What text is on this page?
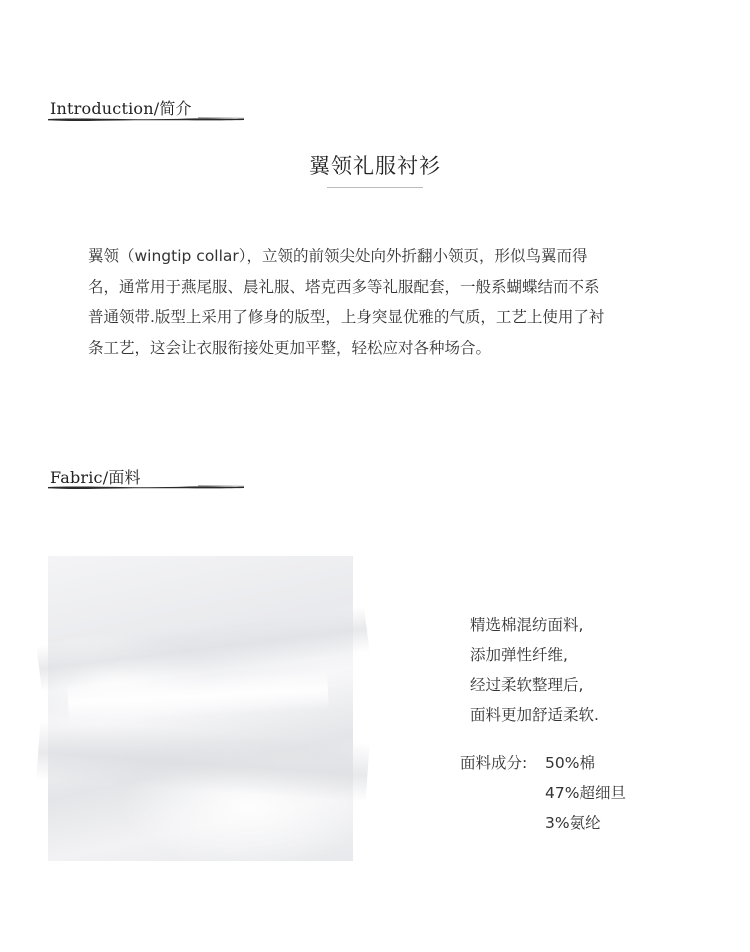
Introduction/简介
翼领礼服衬衫
翼领（wingtip collar），立领的前领尖处向外折翻小领页，形似鸟翼而得
名，通常用于燕尾服、晨礼服、塔克西多等礼服配套，一般系蝴蝶结而不系
普通领带.版型上采用了修身的版型，上身突显优雅的气质，工艺上使用了衬
条工艺，这会让衣服衔接处更加平整，轻松应对各种场合。
Fabric/面料
精选棉混纺面料,
添加弹性纤维,
经过柔软整理后,
面料更加舒适柔软.
面料成分:	50%棉
47%超细旦
3%氨纶
